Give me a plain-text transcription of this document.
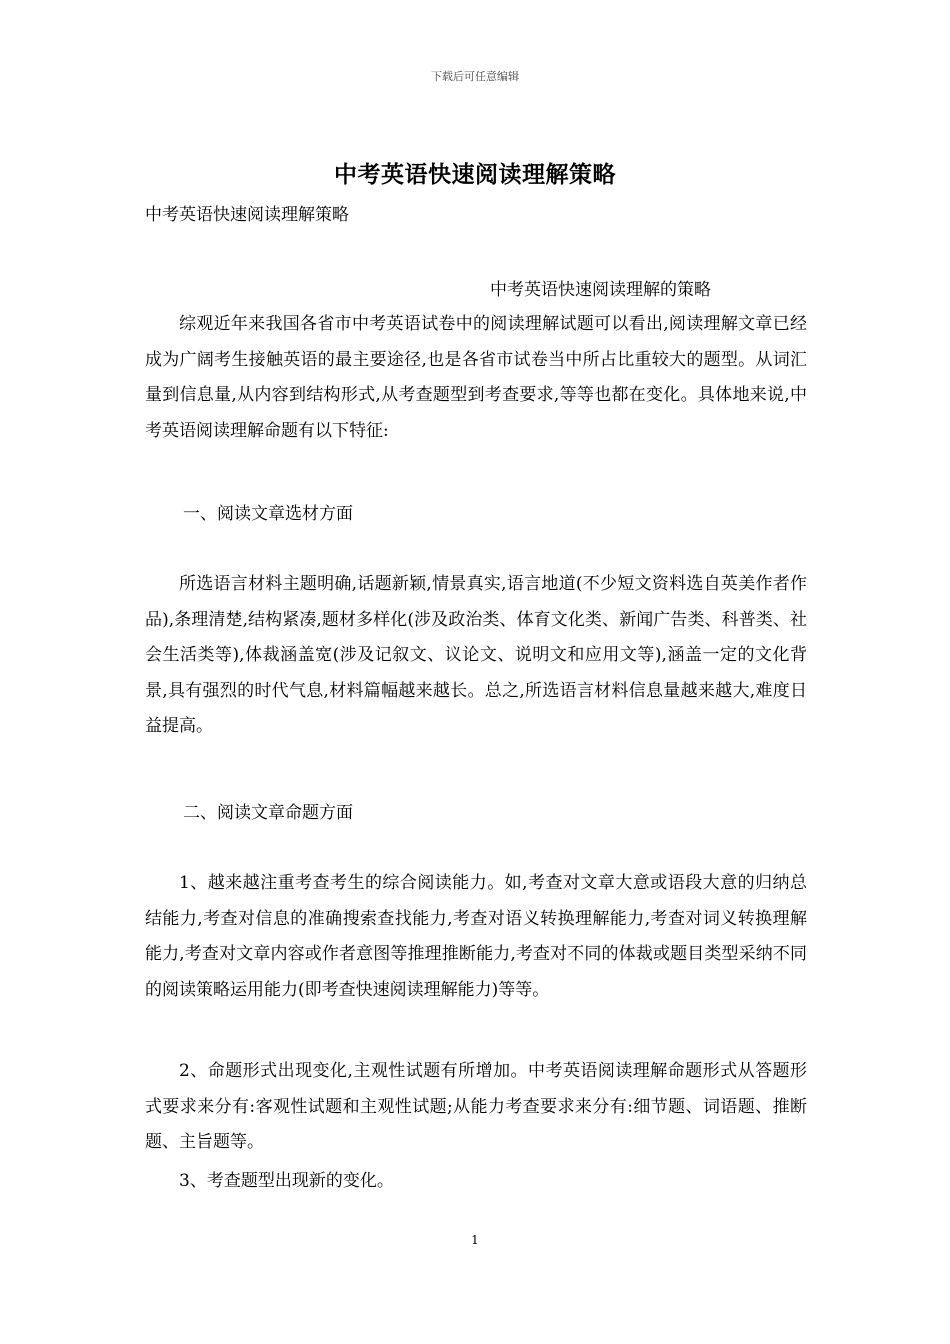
下载后可任意编辑
中考英语快速阅读理解策略
中考英语快速阅读理解策略
中考英语快速阅读理解的策略

综观近年来我国各省市中考英语试卷中的阅读理解试题可以看出,阅读理解文章已经成为广阔考生接触英语的最主要途径,也是各省市试卷当中所占比重较大的题型。从词汇量到信息量,从内容到结构形式,从考查题型到考查要求,等等也都在变化。具体地来说,中考英语阅读理解命题有以下特征:

一、阅读文章选材方面

所选语言材料主题明确,话题新颖,情景真实,语言地道(不少短文资料选自英美作者作品),条理清楚,结构紧凑,题材多样化(涉及政治类、体育文化类、新闻广告类、科普类、社会生活类等),体裁涵盖宽(涉及记叙文、议论文、说明文和应用文等),涵盖一定的文化背景,具有强烈的时代气息,材料篇幅越来越长。总之,所选语言材料信息量越来越大,难度日益提高。

二、阅读文章命题方面

1、越来越注重考查考生的综合阅读能力。如,考查对文章大意或语段大意的归纳总结能力,考查对信息的准确搜索查找能力,考查对语义转换理解能力,考查对词义转换理解能力,考查对文章内容或作者意图等推理推断能力,考查对不同的体裁或题目类型采纳不同的阅读策略运用能力(即考查快速阅读理解能力)等等。

2、命题形式出现变化,主观性试题有所增加。中考英语阅读理解命题形式从答题形式要求来分有:客观性试题和主观性试题;从能力考查要求来分有:细节题、词语题、推断题、主旨题等。

3、考查题型出现新的变化。

1
